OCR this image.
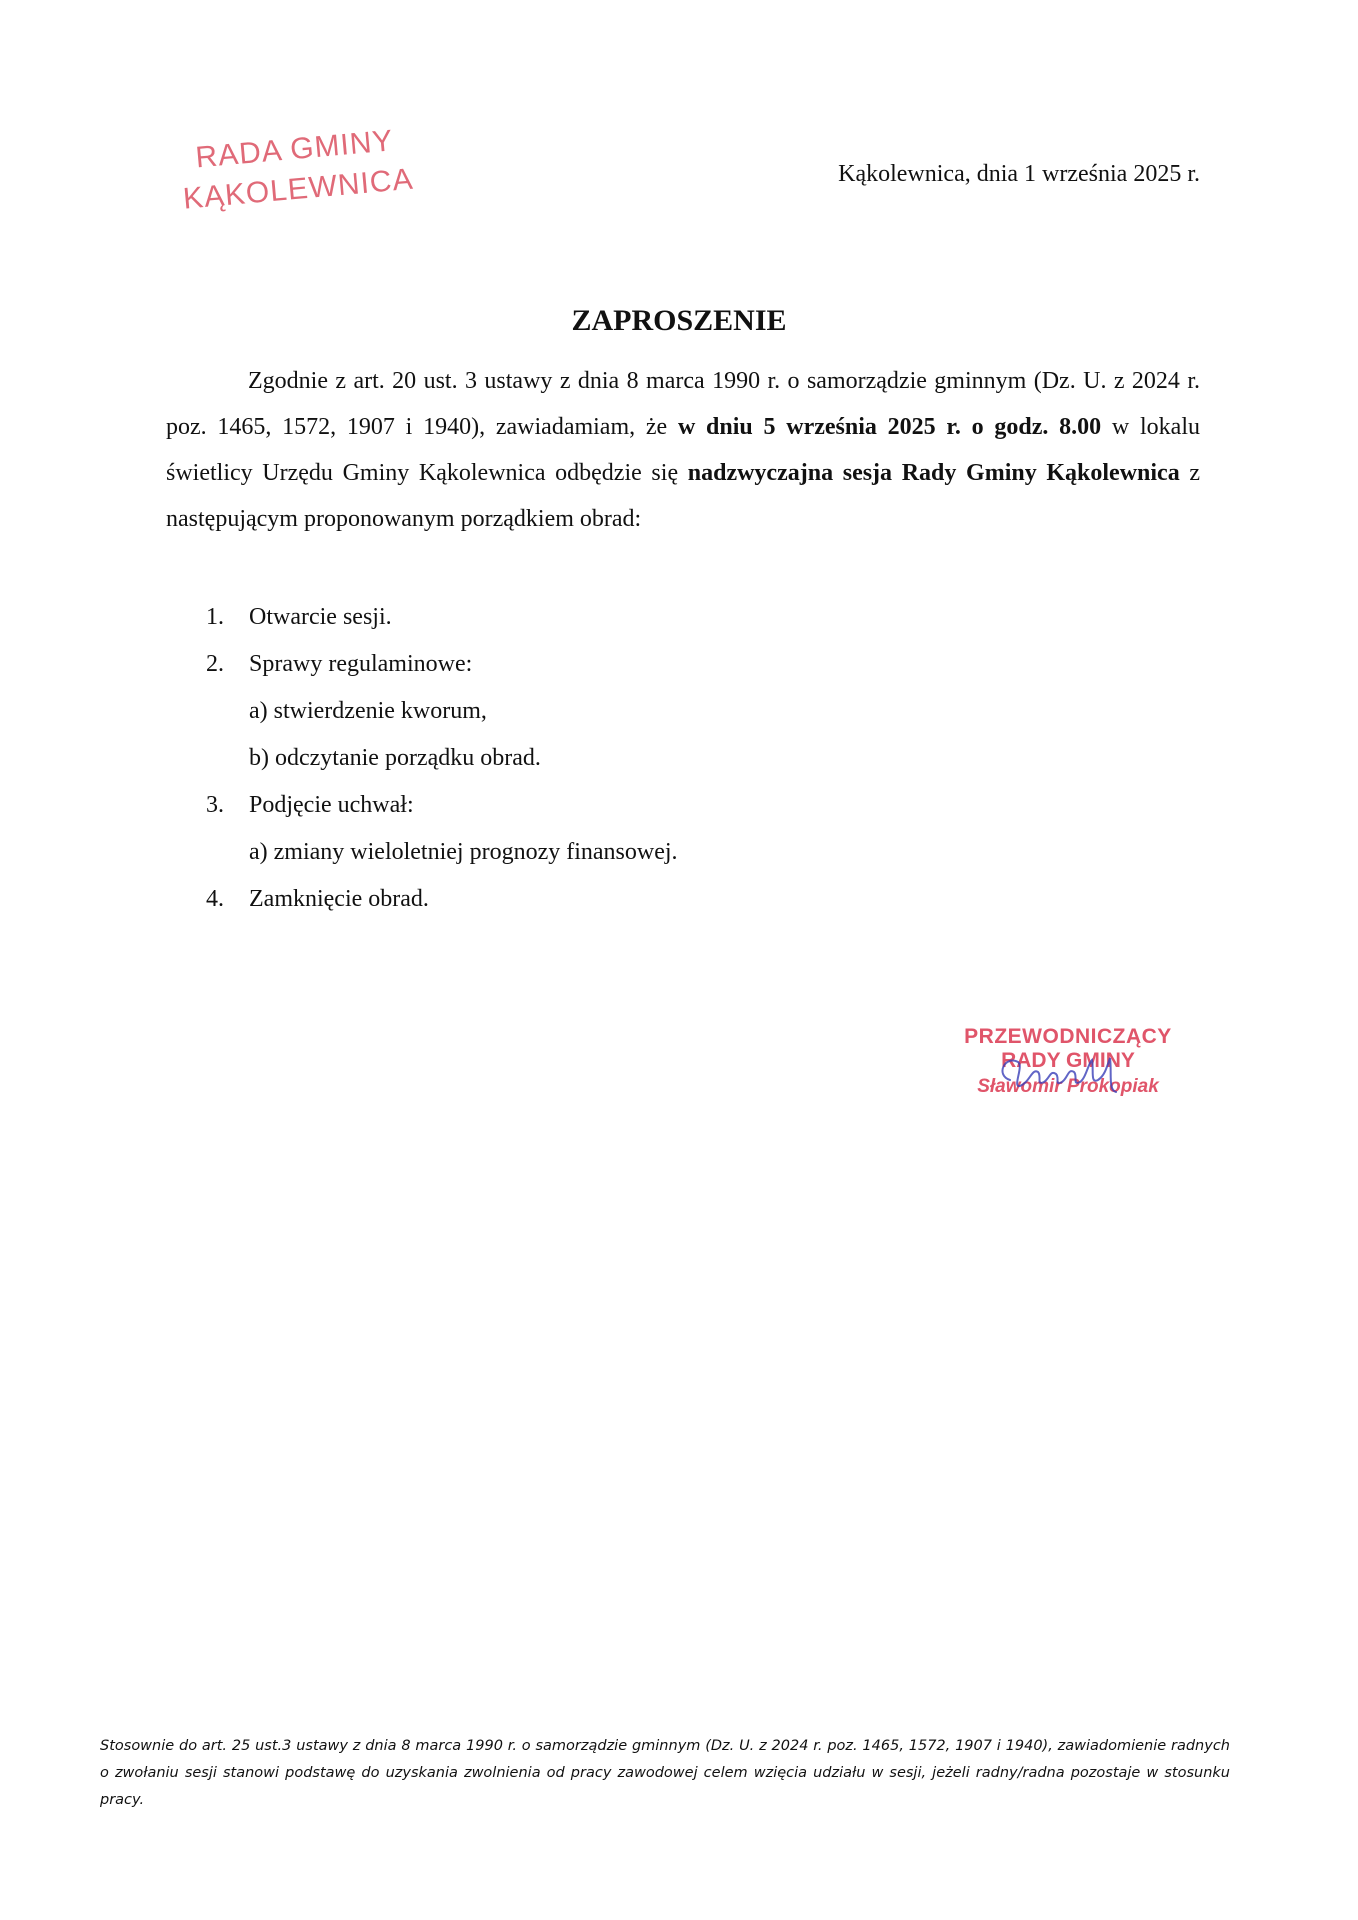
RADA GMINY
KĄKOLEWNICA	Kąkolewnica, dnia 1 września 2025 r.
ZAPROSZENIE

Zgodnie z art. 20 ust. 3 ustawy z dnia 8 marca 1990 r. o samorządzie gminnym (Dz. U. z 2024 r. poz. 1465, 1572, 1907 i 1940), zawiadamiam, że w dniu 5 września 2025 r. o godz. 8.00 w lokalu świetlicy Urzędu Gminy Kąkolewnica odbędzie się nadzwyczajna sesja Rady Gminy Kąkolewnica z następującym proponowanym porządkiem obrad:

1. Otwarcie sesji.
2. Sprawy regulaminowe:
a) stwierdzenie kworum,
b) odczytanie porządku obrad.
3. Podjęcie uchwał:
a) zmiany wieloletniej prognozy finansowej.
4. Zamknięcie obrad.
PRZEWODNICZĄCY
RADY GMINY
Sławomir Prokopiak

Stosownie do art. 25 ust.3 ustawy z dnia 8 marca 1990 r. o samorządzie gminnym (Dz. U. z 2024 r. poz. 1465, 1572, 1907 i 1940), zawiadomienie radnych o zwołaniu sesji stanowi podstawę do uzyskania zwolnienia od pracy zawodowej celem wzięcia udziału w sesji, jeżeli radny/radna pozostaje w stosunku pracy.
